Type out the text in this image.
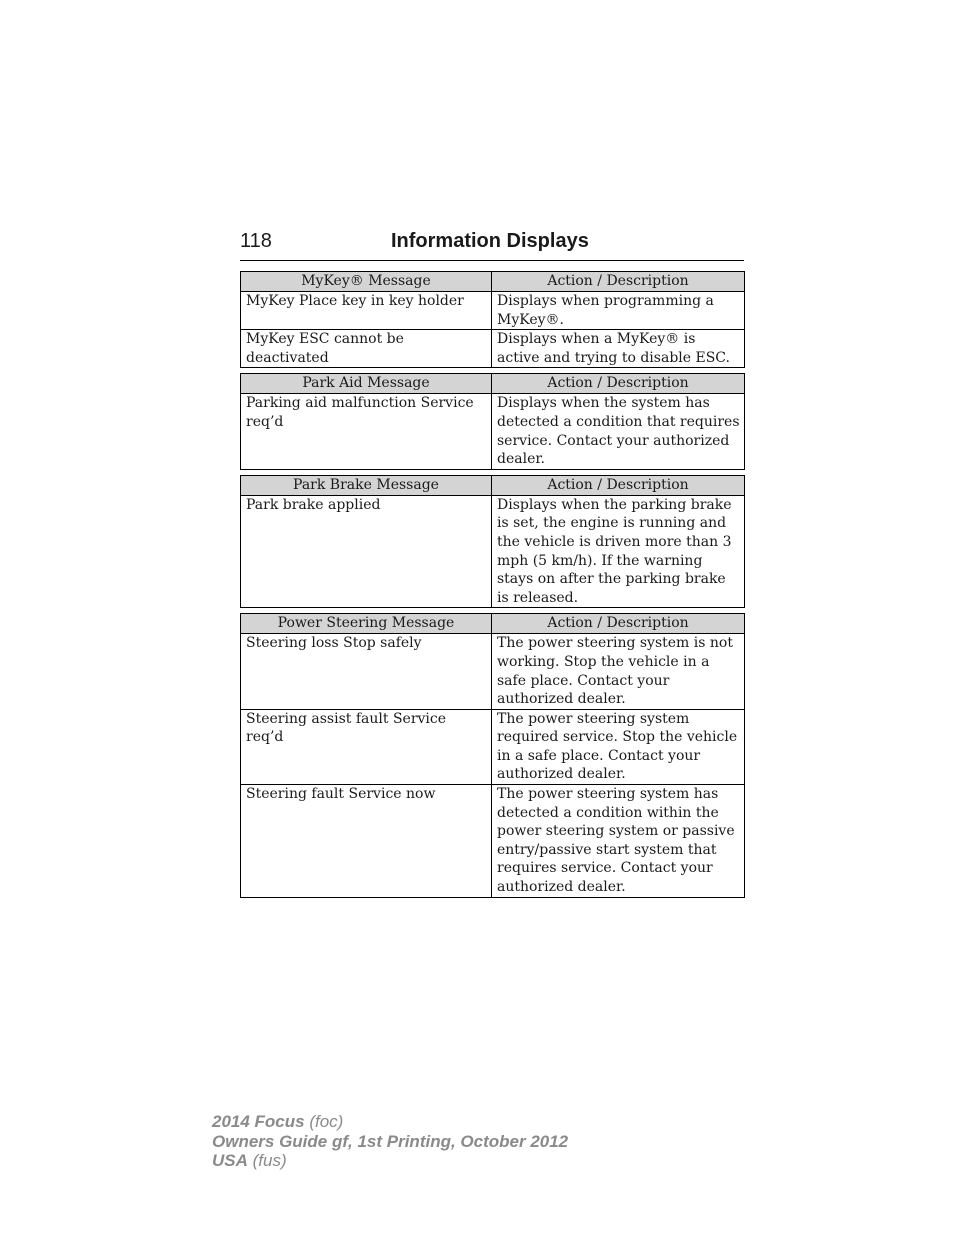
118	Information Displays
MyKey® Message	Action / Description
MyKey Place key in key holder	Displays when programming a MyKey®.
MyKey ESC cannot be deactivated	Displays when a MyKey® is active and trying to disable ESC.
Park Aid Message	Action / Description
Parking aid malfunction Service req’d	Displays when the system has detected a condition that requires service. Contact your authorized dealer.
Park Brake Message	Action / Description
Park brake applied	Displays when the parking brake is set, the engine is running and the vehicle is driven more than 3 mph (5 km/h). If the warning stays on after the parking brake is released.
Power Steering Message	Action / Description
Steering loss Stop safely	The power steering system is not working. Stop the vehicle in a safe place. Contact your authorized dealer.
Steering assist fault Service req’d	The power steering system required service. Stop the vehicle in a safe place. Contact your authorized dealer.
Steering fault Service now	The power steering system has detected a condition within the power steering system or passive entry/passive start system that requires service. Contact your authorized dealer.
2014 Focus (foc)
Owners Guide gf, 1st Printing, October 2012
USA (fus)
